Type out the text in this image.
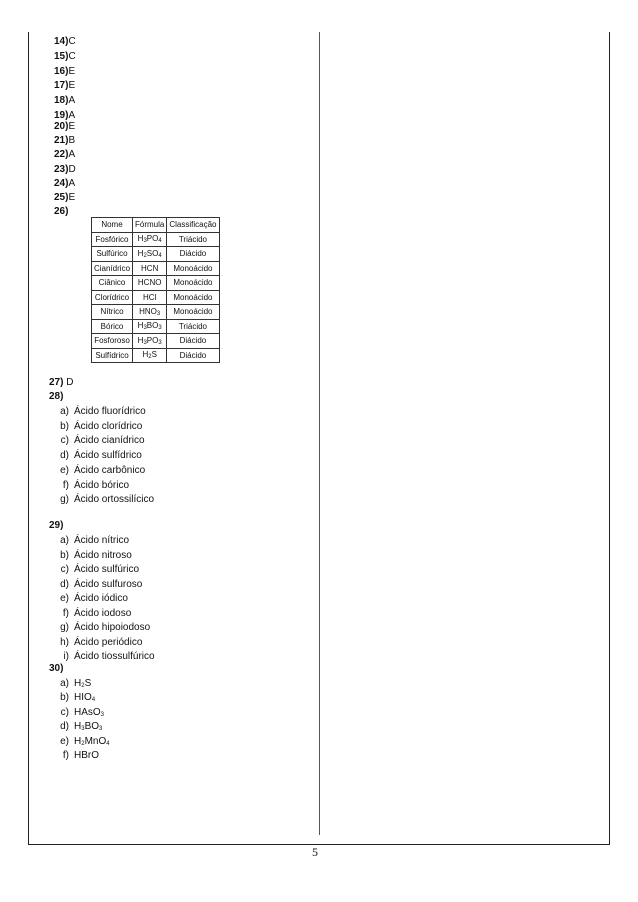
14)C
15)C
16)E
17)E
18)A
19)A
20)E
21)B
22)A
23)D
24)A
25)E
26)
Nome	Fórmula	Classificação
Fosfórico	H3PO4	Triácido
Sulfúrico	H2SO4	Diácido
Cianídrico	HCN	Monoácido
Ciânico	HCNO	Monoácido
Clorídrico	HCl	Monoácido
Nítrico	HNO3	Monoácido
Bórico	H3BO3	Triácido
Fosforoso	H3PO3	Diácido
Sulfídrico	H2S	Diácido
27) D
28)
a) Ácido fluorídrico
b) Ácido clorídrico
c) Ácido cianídrico
d) Ácido sulfídrico
e) Ácido carbônico
f) Ácido bórico
g) Ácido ortossilícico
29)
a) Ácido nítrico
b) Ácido nitroso
c) Ácido sulfúrico
d) Ácido sulfuroso
e) Ácido iódico
f) Ácido iodoso
g) Ácido hipoiodoso
h) Ácido periódico
i) Ácido tiossulfúrico
30)
a) H2S
b) HIO4
c) HAsO3
d) H3BO3
e) H2MnO4
f) HBrO
5
